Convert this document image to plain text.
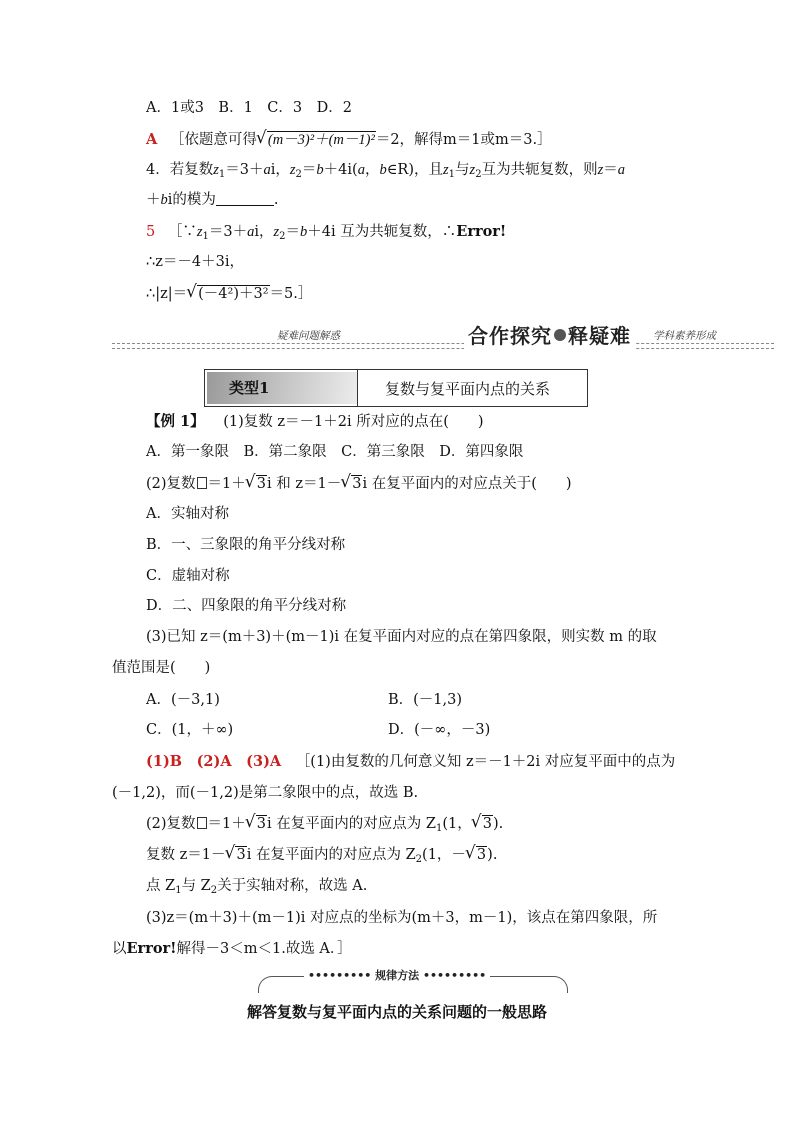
A．1或3　B．1　C．3　D．2
A ［依题意可得 √ (m－3)²＋(m－1)²＝2，解得m＝1或m＝3.］
4．若复数$z_1=3+ai$，$z_2=b+4i(a$，b∈R)，且$z_1$与$z_2$互为共轭复数，则z＝a
＋bi的模为	.
5 $[\because z_1=3+ai$，$z_2=b+4i$ 互为共轭复数，∴Error!
∴z＝－4＋3i，
∴|z|＝ √ (－4²)＋3²＝5.］
疑难问题解惑	合作探究 释疑难	学科素养形成
类型1	复数与复平面内点的关系
【例 1】 (1)复数 z＝－1＋2i 所对应的点在(　　)
A．第一象限　B．第二象限　C．第三象限　D．第四象限
(2)复数 ＝1＋ √ 3i 和 z＝1－ √ 3i 在复平面内的对应点关于(　　)
A．实轴对称
B．一、三象限的角平分线对称
C．虚轴对称
D．二、四象限的角平分线对称
(3)已知 z＝(m＋3)＋(m－1)i 在复平面内对应的点在第四象限，则实数 m 的取
值范围是(　　)
A．(－3,1)	B．(－1,3)
C．(1，＋∞)	D．(－∞，－3)
(1)B　(2)A　(3)A ［(1)由复数的几何意义知 z＝－1＋2i 对应复平面中的点为
(－1,2)，而(－1,2)是第二象限中的点，故选 B.
(2)复数 ＝1＋ √ 3i 在复平面内的对应点为 $Z_1(1$， √ 3).
复数 z＝1－ √ 3i 在复平面内的对应点为 $Z_2(1$，－ √ 3).
点 $Z_1$与 $Z_2$关于实轴对称，故选 A.
(3)z＝(m＋3)＋(m－1)i 对应点的坐标为(m＋3，m－1)，该点在第四象限，所
以Error!解得－3＜m＜1.故选 A．］
••••••••• 规律方法 •••••••••
解答复数与复平面内点的关系问题的一般思路
